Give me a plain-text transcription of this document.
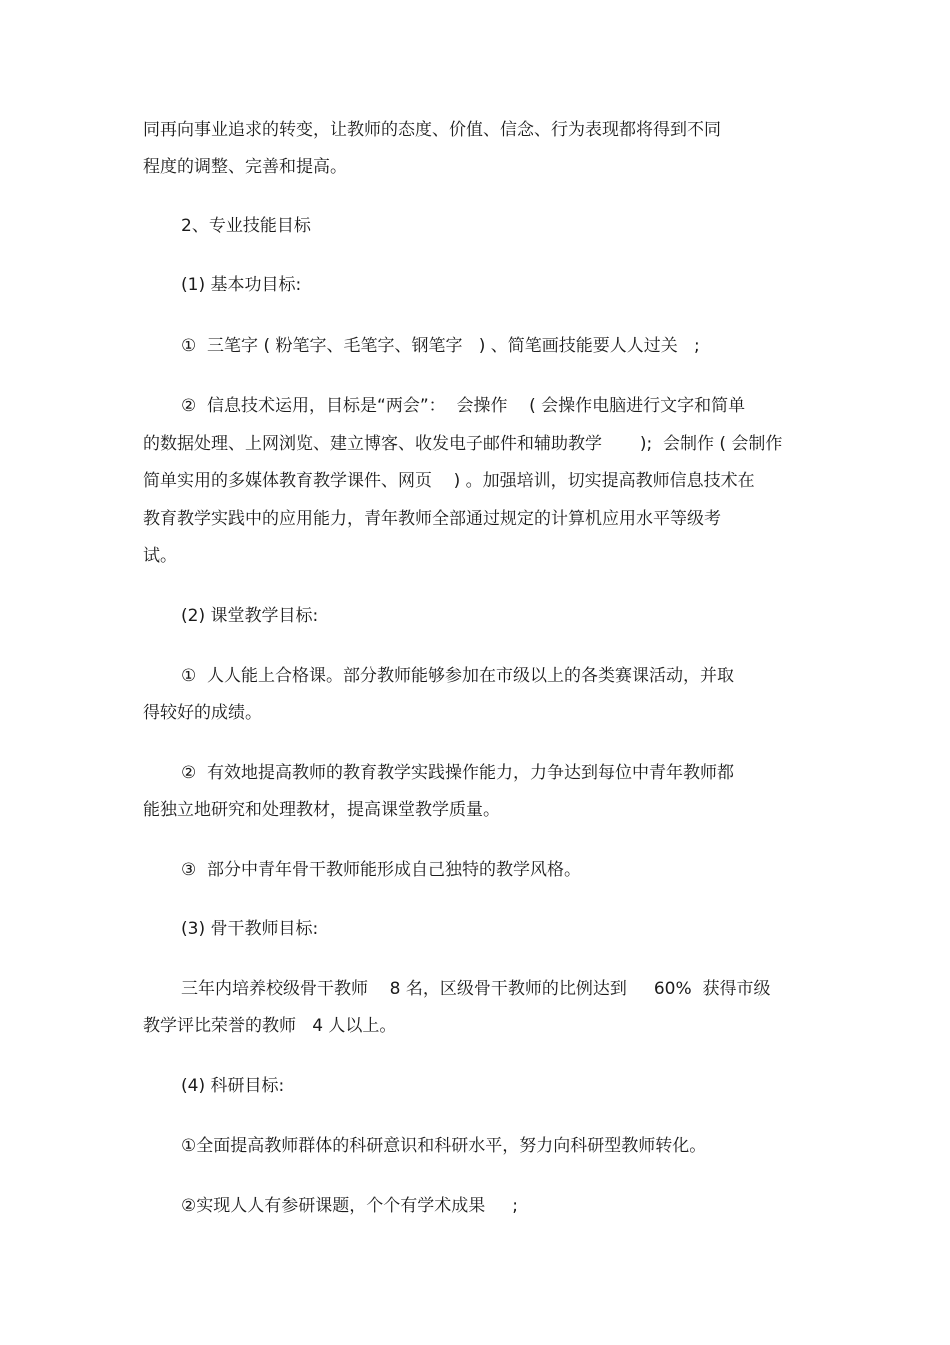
同再向事业追求的转变，让教师的态度、价值、信念、行为表现都将得到不同

程度的调整、完善和提高。

2、专业技能目标

(1) 基本功目标:

①  三笔字 ( 粉笔字、毛笔字、钢笔字   ) 、简笔画技能要人人过关   ;

②  信息技术运用，目标是“两会”：  会操作    ( 会操作电脑进行文字和简单

的数据处理、上网浏览、建立博客、收发电子邮件和辅助教学       );  会制作 ( 会制作

简单实用的多媒体教育教学课件、网页    ) 。加强培训，切实提高教师信息技术在

教育教学实践中的应用能力，青年教师全部通过规定的计算机应用水平等级考

试。

(2) 课堂教学目标:

①  人人能上合格课。部分教师能够参加在市级以上的各类赛课活动，并取

得较好的成绩。

②  有效地提高教师的教育教学实践操作能力，力争达到每位中青年教师都

能独立地研究和处理教材，提高课堂教学质量。

③  部分中青年骨干教师能形成自己独特的教学风格。

(3) 骨干教师目标:

三年内培养校级骨干教师    8 名，区级骨干教师的比例达到     60%  获得市级

教学评比荣誉的教师   4 人以上。

(4) 科研目标:

①全面提高教师群体的科研意识和科研水平，努力向科研型教师转化。

②实现人人有参研课题，个个有学术成果     ;
